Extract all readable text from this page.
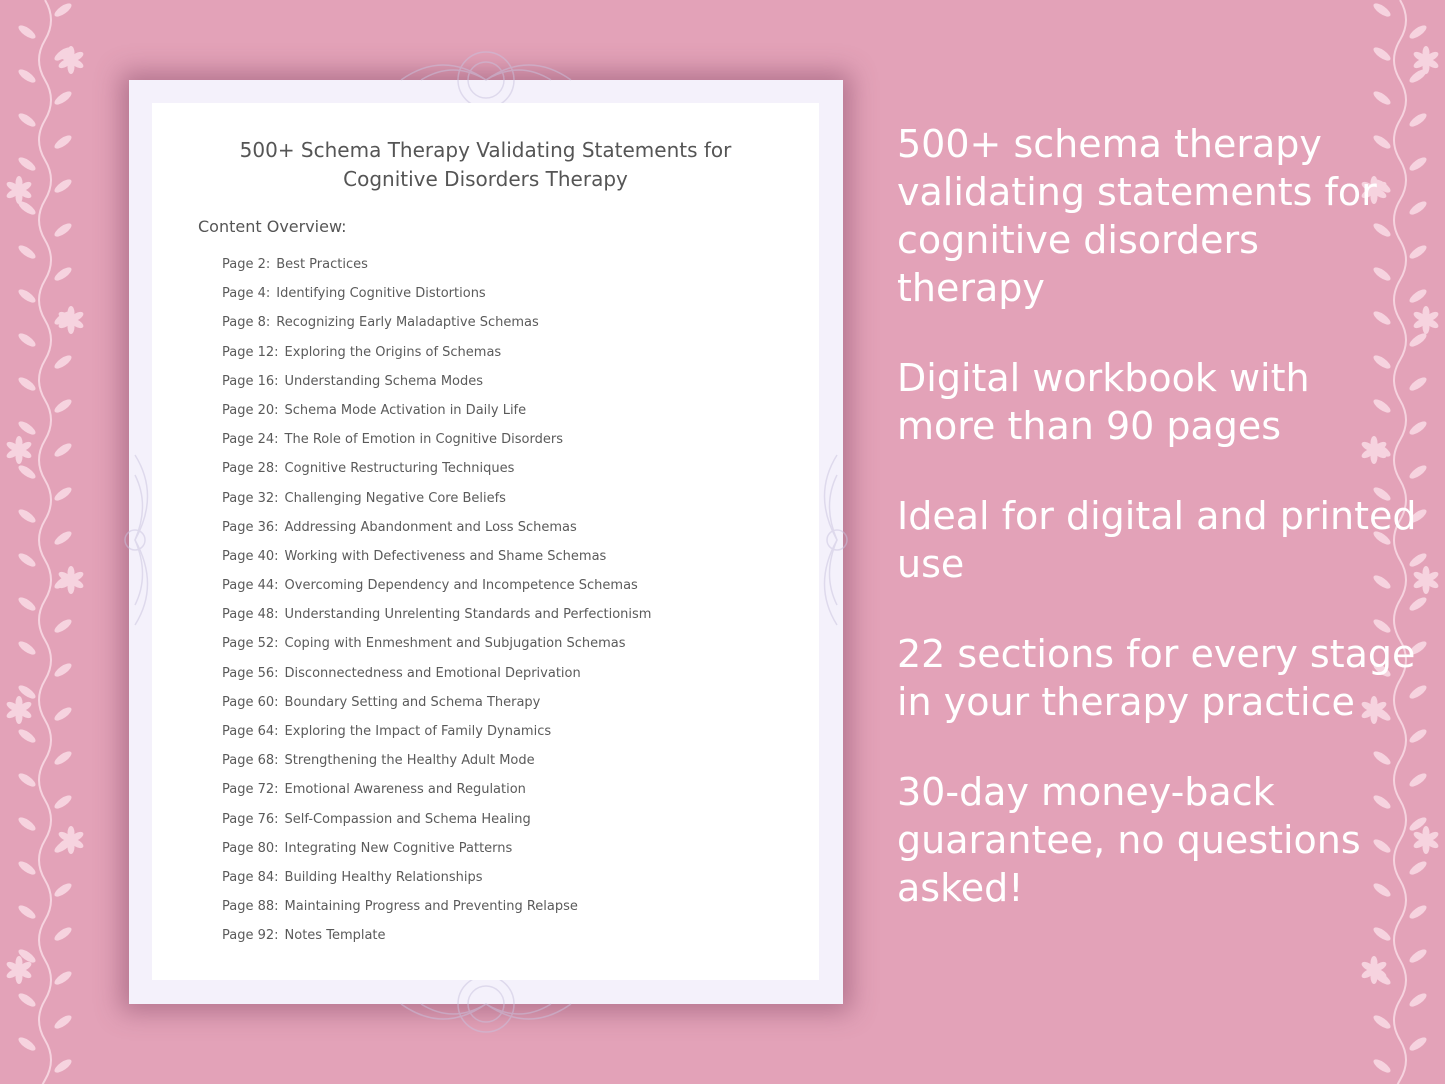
500+ Schema Therapy Validating Statements for
Cognitive Disorders Therapy

Content Overview:

Page 2: Best Practices
Page 4: Identifying Cognitive Distortions
Page 8: Recognizing Early Maladaptive Schemas
Page 12: Exploring the Origins of Schemas
Page 16: Understanding Schema Modes
Page 20: Schema Mode Activation in Daily Life
Page 24: The Role of Emotion in Cognitive Disorders
Page 28: Cognitive Restructuring Techniques
Page 32: Challenging Negative Core Beliefs
Page 36: Addressing Abandonment and Loss Schemas
Page 40: Working with Defectiveness and Shame Schemas
Page 44: Overcoming Dependency and Incompetence Schemas
Page 48: Understanding Unrelenting Standards and Perfectionism
Page 52: Coping with Enmeshment and Subjugation Schemas
Page 56: Disconnectedness and Emotional Deprivation
Page 60: Boundary Setting and Schema Therapy
Page 64: Exploring the Impact of Family Dynamics
Page 68: Strengthening the Healthy Adult Mode
Page 72: Emotional Awareness and Regulation
Page 76: Self-Compassion and Schema Healing
Page 80: Integrating New Cognitive Patterns
Page 84: Building Healthy Relationships
Page 88: Maintaining Progress and Preventing Relapse
Page 92: Notes Template

500+ schema therapy validating statements for cognitive disorders therapy

Digital workbook with more than 90 pages

Ideal for digital and printed use

22 sections for every stage in your therapy practice

30-day money-back guarantee, no questions asked!
